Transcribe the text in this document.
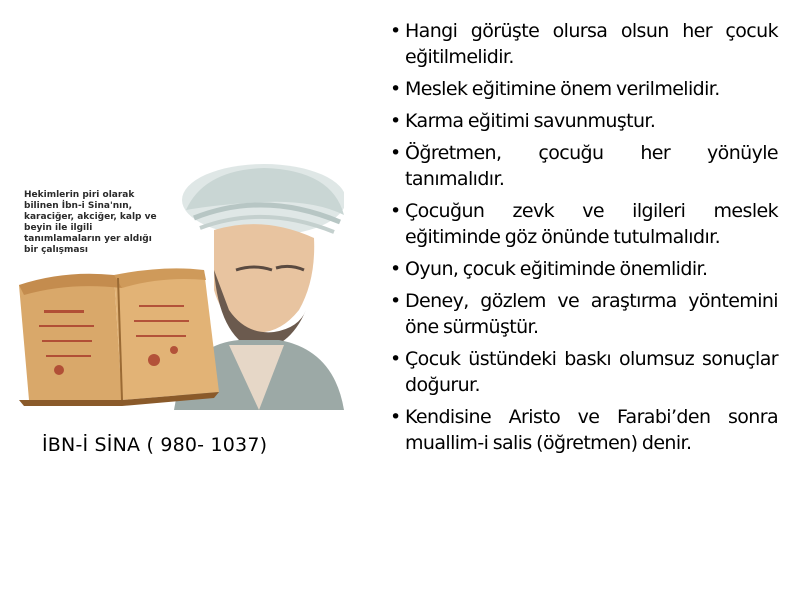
Hekimlerin piri olarak
bilinen İbn-i Sina'nın,
karaciğer, akciğer, kalp ve
beyin ile ilgili
tanımlamaların yer aldığı
bir çalışması
İBN-İ SİNA ( 980- 1037)
• Hangi görüşte olursa olsun her çocuk eğitilmelidir.
• Meslek eğitimine önem verilmelidir.
• Karma eğitimi savunmuştur.
• Öğretmen, çocuğu her yönüyle tanımalıdır.
• Çocuğun zevk ve ilgileri meslek eğitiminde göz önünde tutulmalıdır.
• Oyun, çocuk eğitiminde önemlidir.
• Deney, gözlem ve araştırma yöntemini öne sürmüştür.
• Çocuk üstündeki baskı olumsuz sonuçlar doğurur.
• Kendisine Aristo ve Farabi’den sonra muallim-i salis (öğretmen) denir.
